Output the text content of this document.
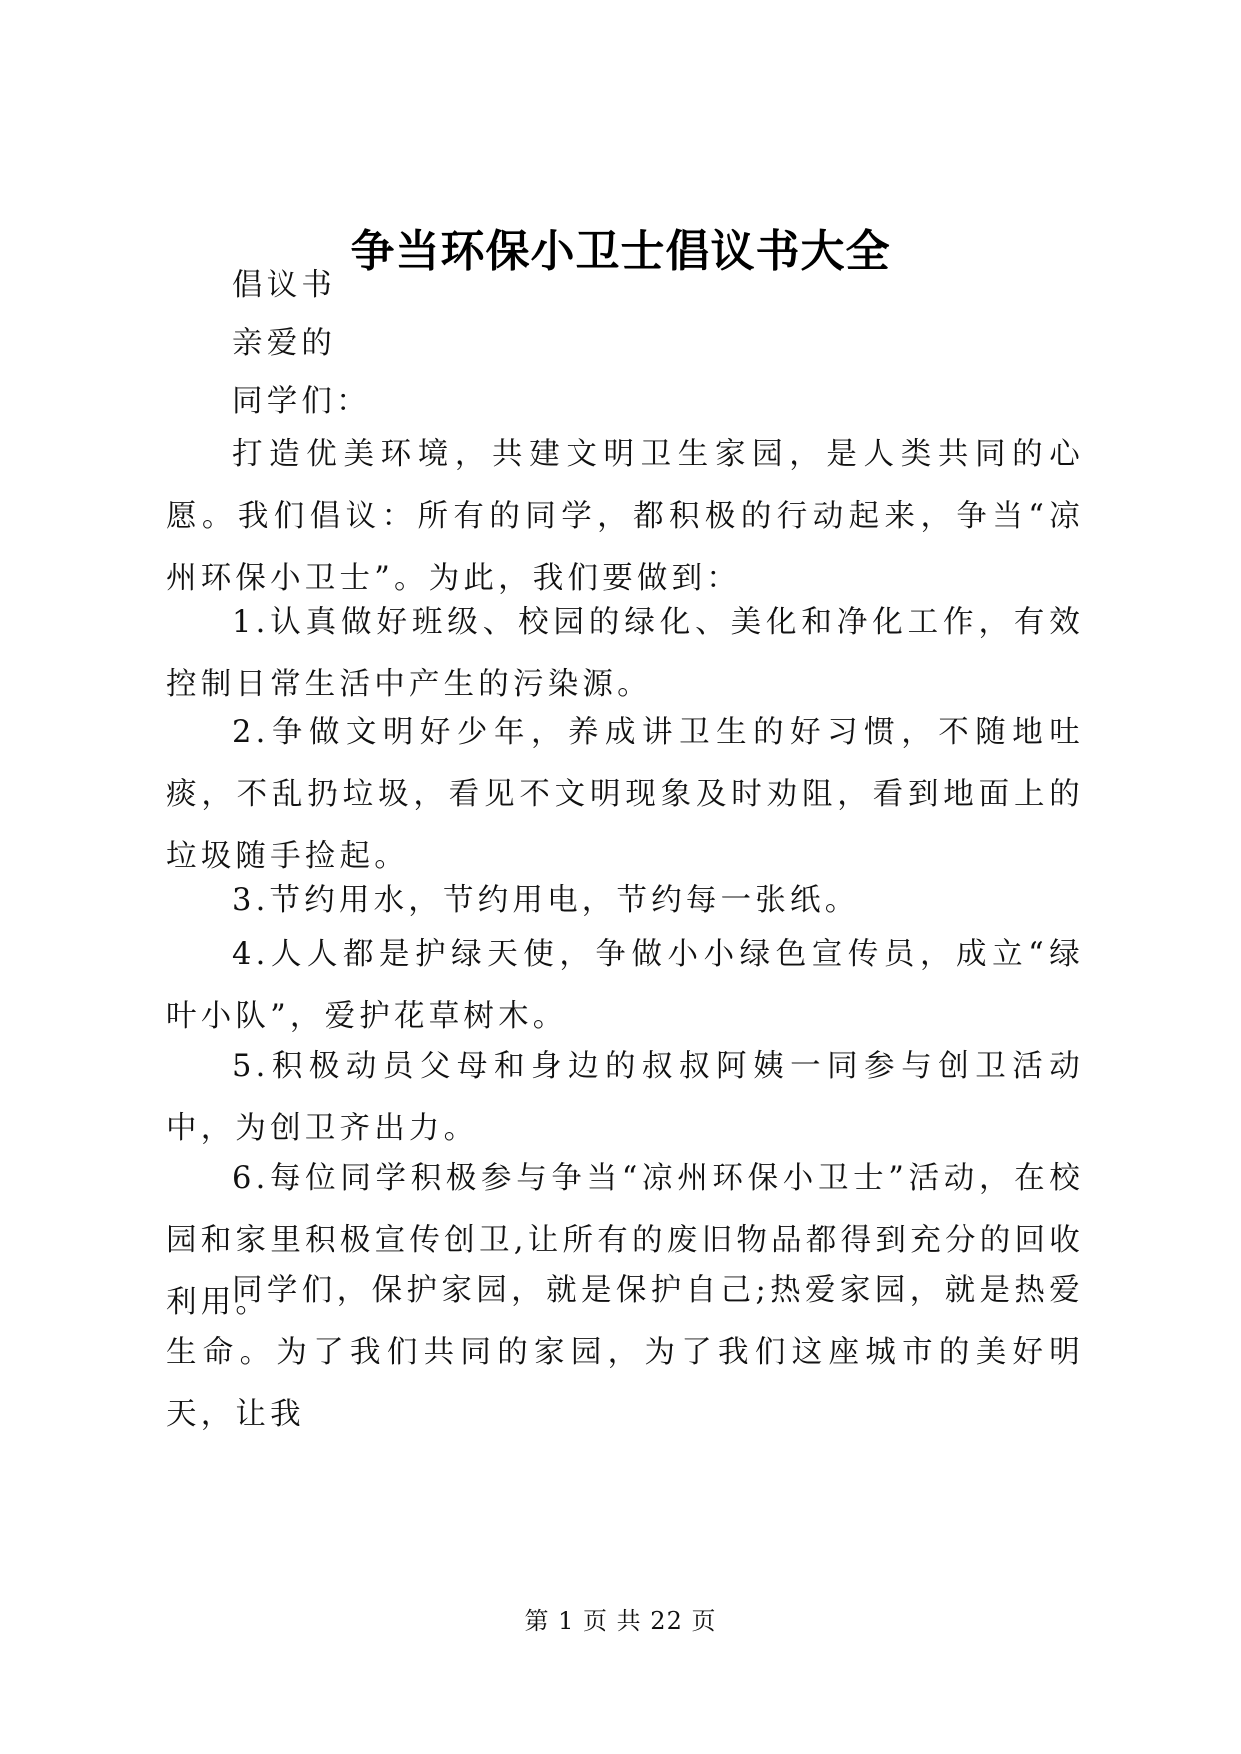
争当环保小卫士倡议书大全
倡议书
亲爱的
同学们：

打造优美环境，共建文明卫生家园，是人类共同的心愿。我们倡议：所有的同学，都积极的行动起来，争当“凉州环保小卫士”。为此，我们要做到：

1.认真做好班级、校园的绿化、美化和净化工作，有效控制日常生活中产生的污染源。

2.争做文明好少年，养成讲卫生的好习惯，不随地吐痰，不乱扔垃圾，看见不文明现象及时劝阻，看到地面上的垃圾随手捡起。

3.节约用水，节约用电，节约每一张纸。

4.人人都是护绿天使，争做小小绿色宣传员，成立“绿叶小队”，爱护花草树木。

5.积极动员父母和身边的叔叔阿姨一同参与创卫活动中，为创卫齐出力。

6.每位同学积极参与争当“凉州环保小卫士”活动，在校园和家里积极宣传创卫,让所有的废旧物品都得到充分的回收利用。

同学们，保护家园，就是保护自己;热爱家园，就是热爱生命。为了我们共同的家园，为了我们这座城市的美好明天，让我

第 1 页 共 22 页
